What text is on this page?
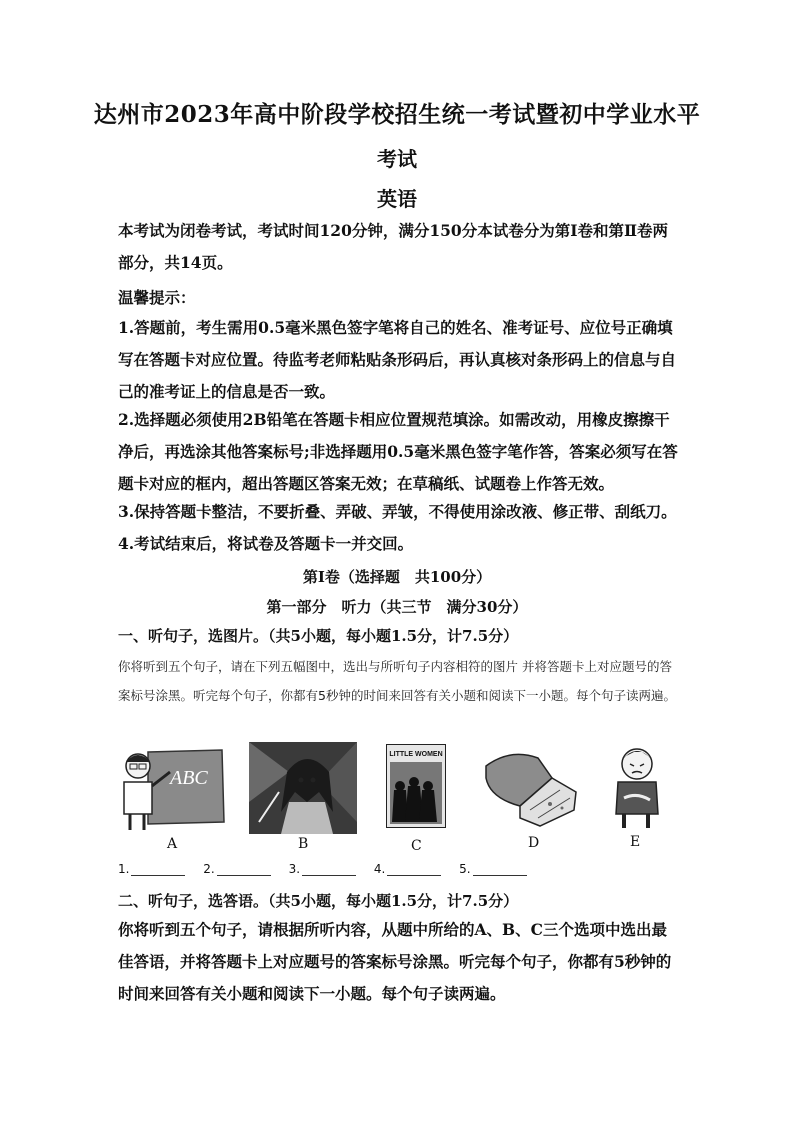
达州市2023年高中阶段学校招生统一考试暨初中学业水平
考试
英语
本考试为闭卷考试，考试时间120分钟，满分150分本试卷分为第Ⅰ卷和第Ⅱ卷两部分，共14页。
温馨提示：
1.答题前，考生需用0.5毫米黑色签字笔将自己的姓名、准考证号、应位号正确填写在答题卡对应位置。待监考老师粘贴条形码后，再认真核对条形码上的信息与自己的准考证上的信息是否一致。
2.选择题必须使用2B铅笔在答题卡相应位置规范填涂。如需改动，用橡皮擦擦干净后，再选涂其他答案标号;非选择题用0.5毫米黑色签字笔作答，答案必须写在答题卡对应的框内，超出答题区答案无效；在草稿纸、试题卷上作答无效。
3.保持答题卡整洁，不要折叠、弄破、弄皱，不得使用涂改液、修正带、刮纸刀。
4.考试结束后，将试卷及答题卡一并交回。
第Ⅰ卷（选择题　共100分）
第一部分　听力（共三节　满分30分）
一、听句子，选图片。（共5小题，每小题1.5分，计7.5分）
你将听到五个句子，请在下列五幅图中，选出与所听句子内容相符的图片 并将答题卡上对应题号的答案标号涂黑。听完每个句子，你都有5秒钟的时间来回答有关小题和阅读下一小题。每个句子读两遍。
ABC
LITTLE WOMEN
A	B	C	D	E
1.	2.	3.	4.	5.
二、听句子，选答语。（共5小题，每小题1.5分，计7.5分）
你将听到五个句子，请根据所听内容，从题中所给的A、B、C三个选项中选出最佳答语，并将答题卡上对应题号的答案标号涂黑。听完每个句子，你都有5秒钟的时间来回答有关小题和阅读下一小题。每个句子读两遍。
